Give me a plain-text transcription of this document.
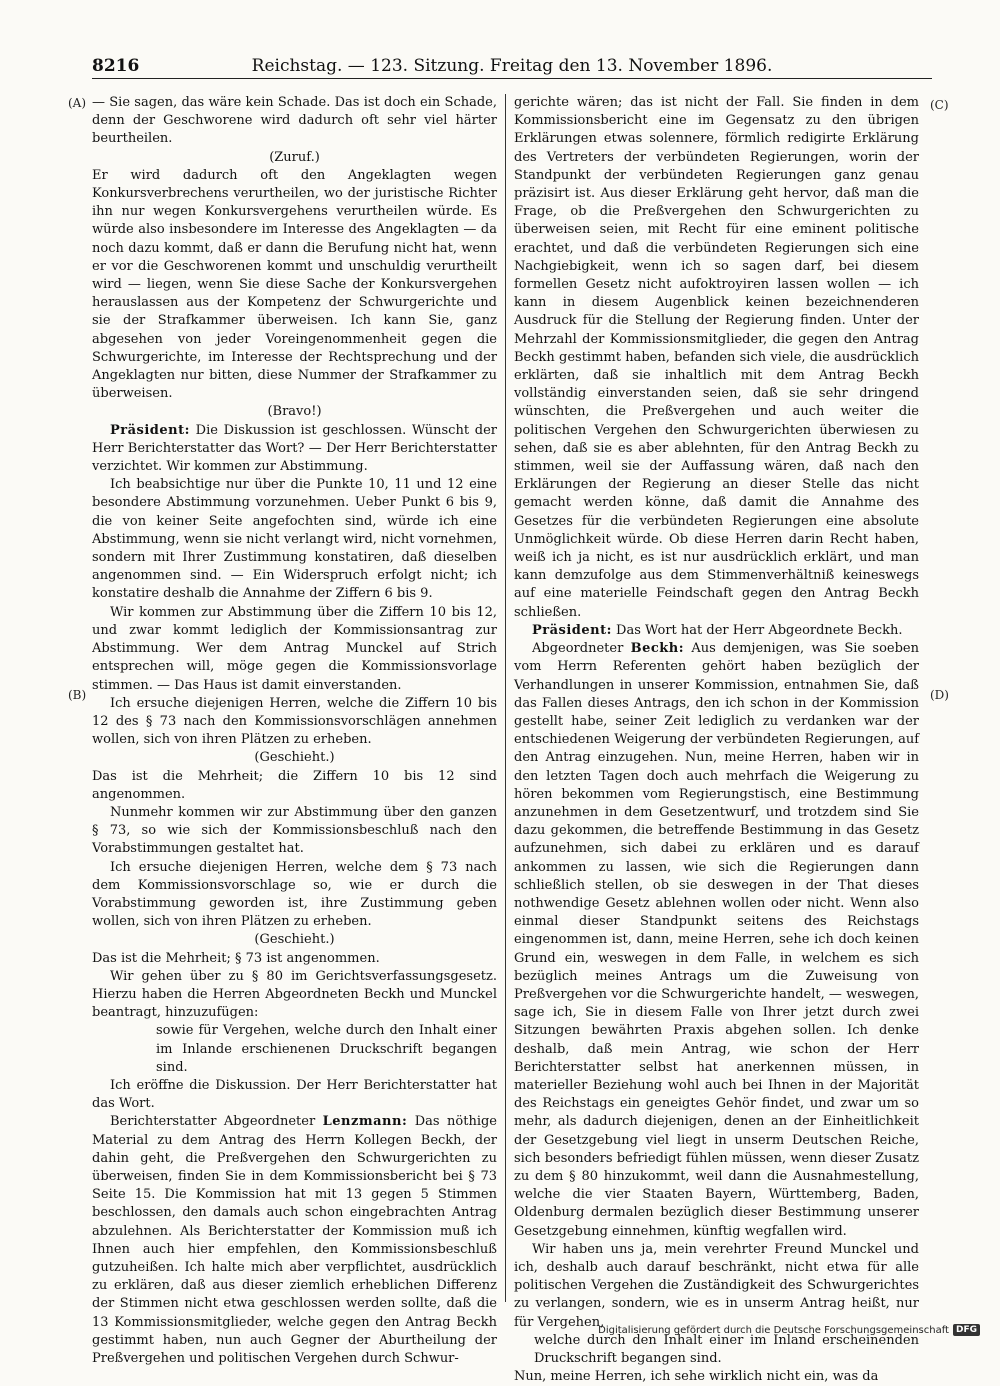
8216	Reichstag. — 123. Sitzung. Freitag den 13. November 1896.
(A)
(B)
(C)
(D)

— Sie sagen, das wäre kein Schade. Das ist doch ein Schade, denn der Geschworene wird dadurch oft sehr viel härter beurtheilen.

(Zuruf.)

Er wird dadurch oft den Angeklagten wegen Konkursverbrechens verurtheilen, wo der juristische Richter ihn nur wegen Konkursvergehens verurtheilen würde. Es würde also insbesondere im Interesse des Angeklagten — da noch dazu kommt, daß er dann die Berufung nicht hat, wenn er vor die Geschworenen kommt und unschuldig verurtheilt wird — liegen, wenn Sie diese Sache der Konkursvergehen herauslassen aus der Kompetenz der Schwurgerichte und sie der Strafkammer überweisen. Ich kann Sie, ganz abgesehen von jeder Voreingenommenheit gegen die Schwurgerichte, im Interesse der Rechtsprechung und der Angeklagten nur bitten, diese Nummer der Strafkammer zu überweisen.

(Bravo!)

Präsident: Die Diskussion ist geschlossen. Wünscht der Herr Berichterstatter das Wort? — Der Herr Berichterstatter verzichtet. Wir kommen zur Abstimmung.

Ich beabsichtige nur über die Punkte 10, 11 und 12 eine besondere Abstimmung vorzunehmen. Ueber Punkt 6 bis 9, die von keiner Seite angefochten sind, würde ich eine Abstimmung, wenn sie nicht verlangt wird, nicht vornehmen, sondern mit Ihrer Zustimmung konstatiren, daß dieselben angenommen sind. — Ein Widerspruch erfolgt nicht; ich konstatire deshalb die Annahme der Ziffern 6 bis 9.

Wir kommen zur Abstimmung über die Ziffern 10 bis 12, und zwar kommt lediglich der Kommissionsantrag zur Abstimmung. Wer dem Antrag Munckel auf Strich entsprechen will, möge gegen die Kommissionsvorlage stimmen. — Das Haus ist damit einverstanden.

Ich ersuche diejenigen Herren, welche die Ziffern 10 bis 12 des § 73 nach den Kommissionsvorschlägen annehmen wollen, sich von ihren Plätzen zu erheben.

(Geschieht.)

Das ist die Mehrheit; die Ziffern 10 bis 12 sind angenommen.

Nunmehr kommen wir zur Abstimmung über den ganzen § 73, so wie sich der Kommissionsbeschluß nach den Vorabstimmungen gestaltet hat.

Ich ersuche diejenigen Herren, welche dem § 73 nach dem Kommissionsvorschlage so, wie er durch die Vorabstimmung geworden ist, ihre Zustimmung geben wollen, sich von ihren Plätzen zu erheben.

(Geschieht.)

Das ist die Mehrheit; § 73 ist angenommen.

Wir gehen über zu § 80 im Gerichtsverfassungsgesetz. Hierzu haben die Herren Abgeordneten Beckh und Munckel beantragt, hinzuzufügen:

sowie für Vergehen, welche durch den Inhalt einer im Inlande erschienenen Druckschrift begangen sind.

Ich eröffne die Diskussion. Der Herr Berichterstatter hat das Wort.

Berichterstatter Abgeordneter Lenzmann: Das nöthige Material zu dem Antrag des Herrn Kollegen Beckh, der dahin geht, die Preßvergehen den Schwurgerichten zu überweisen, finden Sie in dem Kommissionsbericht bei § 73 Seite 15. Die Kommission hat mit 13 gegen 5 Stimmen beschlossen, den damals auch schon eingebrachten Antrag abzulehnen. Als Berichterstatter der Kommission muß ich Ihnen auch hier empfehlen, den Kommissionsbeschluß gutzuheißen. Ich halte mich aber verpflichtet, ausdrücklich zu erklären, daß aus dieser ziemlich erheblichen Differenz der Stimmen nicht etwa geschlossen werden sollte, daß die 13 Kommissionsmitglieder, welche gegen den Antrag Beckh gestimmt haben, nun auch Gegner der Aburtheilung der Preßvergehen und politischen Vergehen durch Schwur-

gerichte wären; das ist nicht der Fall. Sie finden in dem Kommissionsbericht eine im Gegensatz zu den übrigen Erklärungen etwas solennere, förmlich redigirte Erklärung des Vertreters der verbündeten Regierungen, worin der Standpunkt der verbündeten Regierungen ganz genau präzisirt ist. Aus dieser Erklärung geht hervor, daß man die Frage, ob die Preßvergehen den Schwurgerichten zu überweisen seien, mit Recht für eine eminent politische erachtet, und daß die verbündeten Regierungen sich eine Nachgiebigkeit, wenn ich so sagen darf, bei diesem formellen Gesetz nicht aufoktroyiren lassen wollen — ich kann in diesem Augenblick keinen bezeichnenderen Ausdruck für die Stellung der Regierung finden. Unter der Mehrzahl der Kommissionsmitglieder, die gegen den Antrag Beckh gestimmt haben, befanden sich viele, die ausdrücklich erklärten, daß sie inhaltlich mit dem Antrag Beckh vollständig einverstanden seien, daß sie sehr dringend wünschten, die Preßvergehen und auch weiter die politischen Vergehen den Schwurgerichten überwiesen zu sehen, daß sie es aber ablehnten, für den Antrag Beckh zu stimmen, weil sie der Auffassung wären, daß nach den Erklärungen der Regierung an dieser Stelle das nicht gemacht werden könne, daß damit die Annahme des Gesetzes für die verbündeten Regierungen eine absolute Unmöglichkeit würde. Ob diese Herren darin Recht haben, weiß ich ja nicht, es ist nur ausdrücklich erklärt, und man kann demzufolge aus dem Stimmenverhältniß keineswegs auf eine materielle Feindschaft gegen den Antrag Beckh schließen.

Präsident: Das Wort hat der Herr Abgeordnete Beckh.

Abgeordneter Beckh: Aus demjenigen, was Sie soeben vom Herrn Referenten gehört haben bezüglich der Verhandlungen in unserer Kommission, entnahmen Sie, daß das Fallen dieses Antrags, den ich schon in der Kommission gestellt habe, seiner Zeit lediglich zu verdanken war der entschiedenen Weigerung der verbündeten Regierungen, auf den Antrag einzugehen. Nun, meine Herren, haben wir in den letzten Tagen doch auch mehrfach die Weigerung zu hören bekommen vom Regierungstisch, eine Bestimmung anzunehmen in dem Gesetzentwurf, und trotzdem sind Sie dazu gekommen, die betreffende Bestimmung in das Gesetz aufzunehmen, sich dabei zu erklären und es darauf ankommen zu lassen, wie sich die Regierungen dann schließlich stellen, ob sie deswegen in der That dieses nothwendige Gesetz ablehnen wollen oder nicht. Wenn also einmal dieser Standpunkt seitens des Reichstags eingenommen ist, dann, meine Herren, sehe ich doch keinen Grund ein, weswegen in dem Falle, in welchem es sich bezüglich meines Antrags um die Zuweisung von Preßvergehen vor die Schwurgerichte handelt, — weswegen, sage ich, Sie in diesem Falle von Ihrer jetzt durch zwei Sitzungen bewährten Praxis abgehen sollen. Ich denke deshalb, daß mein Antrag, wie schon der Herr Berichterstatter selbst hat anerkennen müssen, in materieller Beziehung wohl auch bei Ihnen in der Majorität des Reichstags ein geneigtes Gehör findet, und zwar um so mehr, als dadurch diejenigen, denen an der Einheitlichkeit der Gesetzgebung viel liegt in unserm Deutschen Reiche, sich besonders befriedigt fühlen müssen, wenn dieser Zusatz zu dem § 80 hinzukommt, weil dann die Ausnahmestellung, welche die vier Staaten Bayern, Württemberg, Baden, Oldenburg dermalen bezüglich dieser Bestimmung unserer Gesetzgebung einnehmen, künftig wegfallen wird.

Wir haben uns ja, mein verehrter Freund Munckel und ich, deshalb auch darauf beschränkt, nicht etwa für alle politischen Vergehen die Zuständigkeit des Schwurgerichtes zu verlangen, sondern, wie es in unserm Antrag heißt, nur für Vergehen,

welche durch den Inhalt einer im Inland erscheinenden Druckschrift begangen sind.

Nun, meine Herren, ich sehe wirklich nicht ein, was da

Digitalisierung gefördert durch die Deutsche Forschungsgemeinschaft DFG
